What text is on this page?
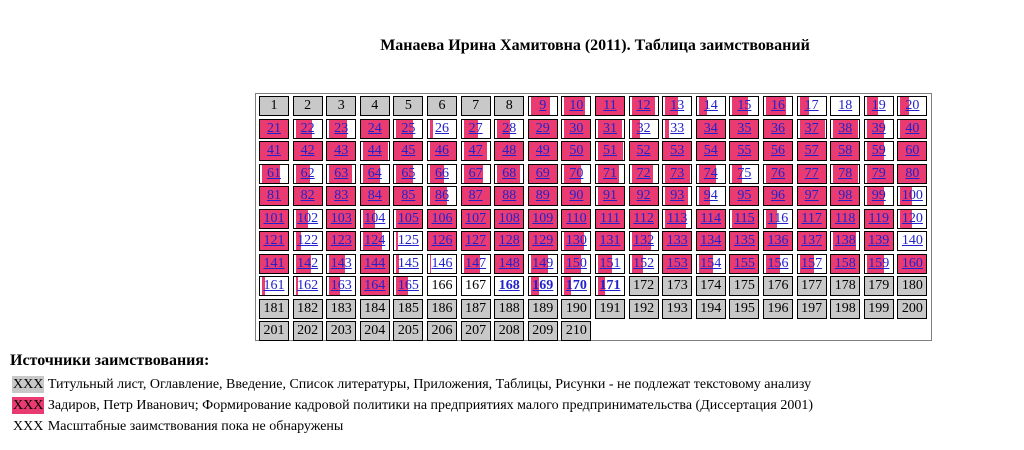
Манаева Ирина Хамитовна (2011). Таблица заимствований
1	2	3	4	5	6	7	8	9	10	11	12	13	14	15	16	17	18	19	20
21	22	23	24	25	26	27	28	29	30	31	32	33	34	35	36	37	38	39	40
41	42	43	44	45	46	47	48	49	50	51	52	53	54	55	56	57	58	59	60
61	62	63	64	65	66	67	68	69	70	71	72	73	74	75	76	77	78	79	80
81	82	83	84	85	86	87	88	89	90	91	92	93	94	95	96	97	98	99	100
101 102 103 104 105 106 107 108 109 110 111 112 113 114 115 116 117 118 119 120
121 122 123 124 125 126 127 128 129 130 131 132 133 134 135 136 137 138 139 140
141 142 143 144 145 146 147 148 149 150 151 152 153 154 155 156 157 158 159 160
161 162 163 164 165 166 167 168 169 170 171 172 173 174 175 176 177 178 179 180
181 182 183 184 185 186 187 188 189 190 191 192 193 194 195 196 197 198 199 200
201 202 203 204 205 206 207 208 209 210
Источники заимствования:
XXX Титульный лист, Оглавление, Введение, Список литературы, Приложения, Таблицы, Рисунки - не подлежат текстовому анализу
XXX Задиров, Петр Иванович; Формирование кадровой политики на предприятиях малого предпринимательства (Диссертация 2001)
XXX Масштабные заимствования пока не обнаружены
